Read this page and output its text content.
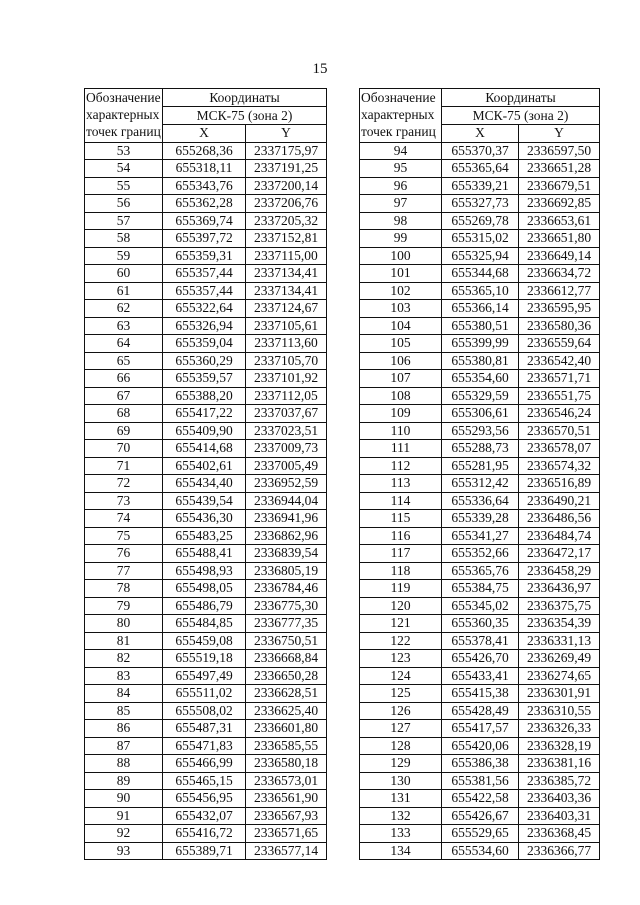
15
Обозначение
характерных
точек границ	Координаты	
	МСК-75 (зона 2)	
	X	Y
53	655268,36	2337175,97
54	655318,11	2337191,25
55	655343,76	2337200,14
56	655362,28	2337206,76
57	655369,74	2337205,32
58	655397,72	2337152,81
59	655359,31	2337115,00
60	655357,44	2337134,41
61	655357,44	2337134,41
62	655322,64	2337124,67
63	655326,94	2337105,61
64	655359,04	2337113,60
65	655360,29	2337105,70
66	655359,57	2337101,92
67	655388,20	2337112,05
68	655417,22	2337037,67
69	655409,90	2337023,51
70	655414,68	2337009,73
71	655402,61	2337005,49
72	655434,40	2336952,59
73	655439,54	2336944,04
74	655436,30	2336941,96
75	655483,25	2336862,96
76	655488,41	2336839,54
77	655498,93	2336805,19
78	655498,05	2336784,46
79	655486,79	2336775,30
80	655484,85	2336777,35
81	655459,08	2336750,51
82	655519,18	2336668,84
83	655497,49	2336650,28
84	655511,02	2336628,51
85	655508,02	2336625,40
86	655487,31	2336601,80
87	655471,83	2336585,55
88	655466,99	2336580,18
89	655465,15	2336573,01
90	655456,95	2336561,90
91	655432,07	2336567,93
92	655416,72	2336571,65
93	655389,71	2336577,14
Обозначение
характерных
точек границ	Координаты	
	МСК-75 (зона 2)	
	X	Y
94	655370,37	2336597,50
95	655365,64	2336651,28
96	655339,21	2336679,51
97	655327,73	2336692,85
98	655269,78	2336653,61
99	655315,02	2336651,80
100	655325,94	2336649,14
101	655344,68	2336634,72
102	655365,10	2336612,77
103	655366,14	2336595,95
104	655380,51	2336580,36
105	655399,99	2336559,64
106	655380,81	2336542,40
107	655354,60	2336571,71
108	655329,59	2336551,75
109	655306,61	2336546,24
110	655293,56	2336570,51
111	655288,73	2336578,07
112	655281,95	2336574,32
113	655312,42	2336516,89
114	655336,64	2336490,21
115	655339,28	2336486,56
116	655341,27	2336484,74
117	655352,66	2336472,17
118	655365,76	2336458,29
119	655384,75	2336436,97
120	655345,02	2336375,75
121	655360,35	2336354,39
122	655378,41	2336331,13
123	655426,70	2336269,49
124	655433,41	2336274,65
125	655415,38	2336301,91
126	655428,49	2336310,55
127	655417,57	2336326,33
128	655420,06	2336328,19
129	655386,38	2336381,16
130	655381,56	2336385,72
131	655422,58	2336403,36
132	655426,67	2336403,31
133	655529,65	2336368,45
134	655534,60	2336366,77
